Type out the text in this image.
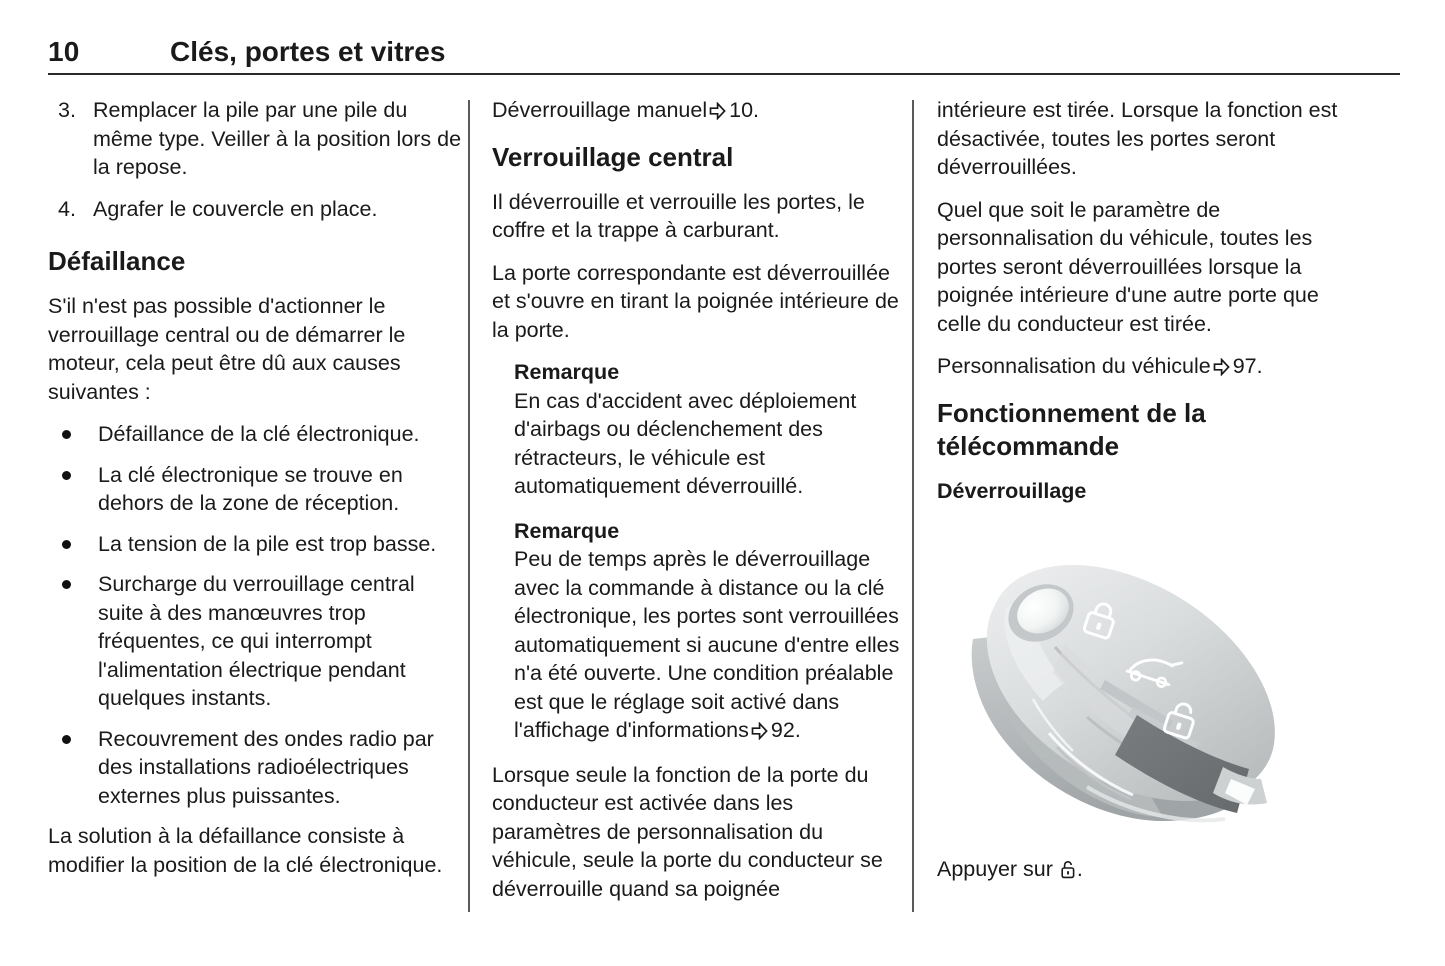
10	Clés, portes et vitres
3. Remplacer la pile par une pile du même type. Veiller à la position lors de la repose.
4. Agrafer le couvercle en place.
Défaillance

S'il n'est pas possible d'actionner le verrouillage central ou de démarrer le moteur, cela peut être dû aux causes suivantes :

Défaillance de la clé électronique.
La clé électronique se trouve en dehors de la zone de réception.
La tension de la pile est trop basse.
Surcharge du verrouillage central suite à des manœuvres trop fréquentes, ce qui interrompt l'alimentation électrique pendant quelques instants.
Recouvrement des ondes radio par des installations radioélectriques externes plus puissantes.

La solution à la défaillance consiste à modifier la position de la clé électronique.

Déverrouillage manuel 10.

Verrouillage central

Il déverrouille et verrouille les portes, le coffre et la trappe à carburant.

La porte correspondante est déverrouillée et s'ouvre en tirant la poignée intérieure de la porte.

Remarque

En cas d'accident avec déploiement d'airbags ou déclenchement des rétracteurs, le véhicule est automatiquement déverrouillé.

Remarque

Peu de temps après le déverrouillage avec la commande à distance ou la clé électronique, les portes sont verrouillées automatiquement si aucune d'entre elles n'a été ouverte. Une condition préalable est que le réglage soit activé dans l'affichage d'informations 92.

Lorsque seule la fonction de la porte du conducteur est activée dans les paramètres de personnalisation du véhicule, seule la porte du conducteur se déverrouille quand sa poignée

intérieure est tirée. Lorsque la fonction est désactivée, toutes les portes seront déverrouillées.

Quel que soit le paramètre de personnalisation du véhicule, toutes les portes seront déverrouillées lorsque la poignée intérieure d'une autre porte que celle du conducteur est tirée.

Personnalisation du véhicule 97.

Fonctionnement de la télécommande
Déverrouillage

Appuyer sur .
